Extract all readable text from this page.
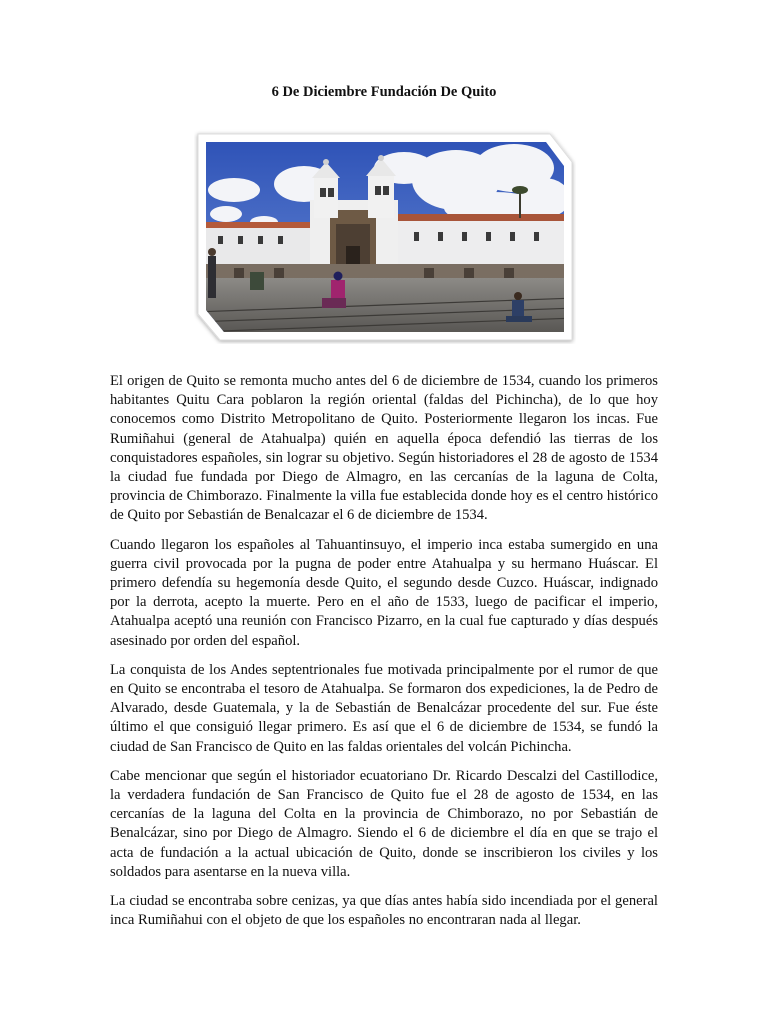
6 De Diciembre Fundación De Quito

El origen de Quito se remonta mucho antes del 6 de diciembre de 1534, cuando los primeros habitantes Quitu Cara poblaron la región oriental (faldas del Pichincha), de lo que hoy conocemos como Distrito Metropolitano de Quito. Posteriormente llegaron los incas. Fue Rumiñahui (general de Atahualpa) quién en aquella época defendió las tierras de los conquistadores españoles, sin lograr su objetivo. Según historiadores el 28 de agosto de 1534 la ciudad fue fundada por Diego de Almagro, en las cercanías de la laguna de Colta, provincia de Chimborazo. Finalmente la villa fue establecida donde hoy es el centro histórico de Quito por Sebastián de Benalcazar el 6 de diciembre de 1534.

Cuando llegaron los españoles al Tahuantinsuyo, el imperio inca estaba sumergido en una guerra civil provocada por la pugna de poder entre Atahualpa y su hermano Huáscar. El primero defendía su hegemonía desde Quito, el segundo desde Cuzco. Huáscar, indignado por la derrota, acepto la muerte. Pero en el año de 1533, luego de pacificar el imperio, Atahualpa aceptó una reunión con Francisco Pizarro, en la cual fue capturado y días después asesinado por orden del español.

La conquista de los Andes septentrionales fue motivada principalmente por el rumor de que en Quito se encontraba el tesoro de Atahualpa. Se formaron dos expediciones, la de Pedro de Alvarado, desde Guatemala, y la de Sebastián de Benalcázar procedente del sur. Fue éste último el que consiguió llegar primero. Es así que el 6 de diciembre de 1534, se fundó la ciudad de San Francisco de Quito en las faldas orientales del volcán Pichincha.

Cabe mencionar que según el historiador ecuatoriano Dr. Ricardo Descalzi del Castillodice, la verdadera fundación de San Francisco de Quito fue el 28 de agosto de 1534, en las cercanías de la laguna del Colta en la provincia de Chimborazo, no por Sebastián de Benalcázar, sino por Diego de Almagro. Siendo el 6 de diciembre el día en que se trajo el acta de fundación a la actual ubicación de Quito, donde se inscribieron los civiles y los soldados para asentarse en la nueva villa.

La ciudad se encontraba sobre cenizas, ya que días antes había sido incendiada por el general inca Rumiñahui con el objeto de que los españoles no encontraran nada al llegar.
